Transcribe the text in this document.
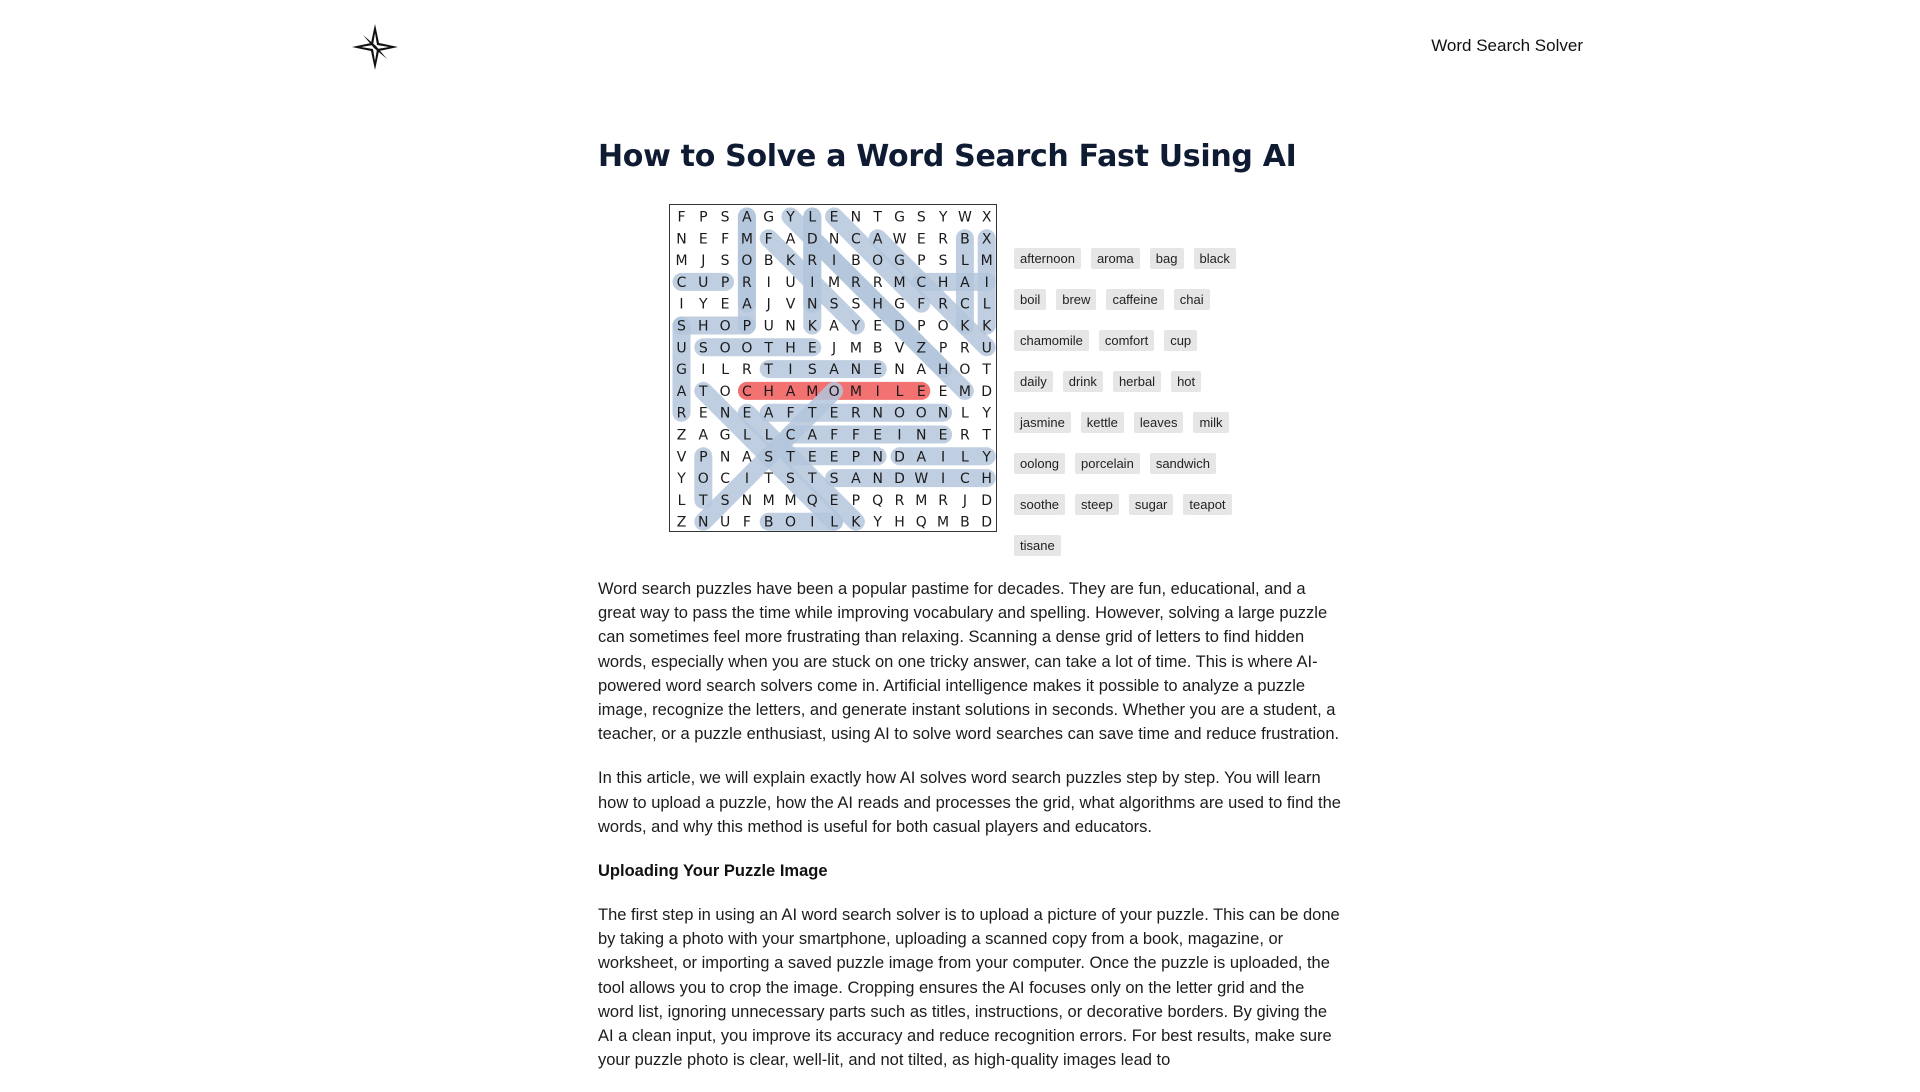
Word Search Solver
How to Solve a Word Search Fast Using AI
F P S A G Y L E N T G S Y W X
N E F M F A D N C A W E R B X
M J S O B K R I B O G P S L M
C U P R I U I M R R M C H A I
I Y E A J V N S S H G F R C L
S H O P U N K A Y E D P O K K
U S O O T H E J M B V Z P R U
G I L R T I S A N E N A H O T
A T O C H A M O M I L E E M D
R E N E A F T E R N O O N L Y
Z A G L L C A F F E I N E R T
V P N A S T E E P N D A I L Y
Y O C I T S T S A N D W I C H
L T S N M M Q E P Q R M R J D
Z N U F B O I L K Y H Q M B D
afternoon	aroma	bag	black
boil	brew	caffeine	chai
chamomile	comfort	cup
daily	drink	herbal	hot
jasmine	kettle	leaves	milk
oolong	porcelain	sandwich
soothe	steep	sugar	teapot
tisane

Word search puzzles have been a popular pastime for decades. They are fun, educational, and a great way to pass the time while improving vocabulary and spelling. However, solving a large puzzle can sometimes feel more frustrating than relaxing. Scanning a dense grid of letters to find hidden words, especially when you are stuck on one tricky answer, can take a lot of time. This is where AI-powered word search solvers come in. Artificial intelligence makes it possible to analyze a puzzle image, recognize the letters, and generate instant solutions in seconds. Whether you are a student, a teacher, or a puzzle enthusiast, using AI to solve word searches can save time and reduce frustration.

In this article, we will explain exactly how AI solves word search puzzles step by step. You will learn how to upload a puzzle, how the AI reads and processes the grid, what algorithms are used to find the words, and why this method is useful for both casual players and educators.

Uploading Your Puzzle Image

The first step in using an AI word search solver is to upload a picture of your puzzle. This can be done by taking a photo with your smartphone, uploading a scanned copy from a book, magazine, or worksheet, or importing a saved puzzle image from your computer. Once the puzzle is uploaded, the tool allows you to crop the image. Cropping ensures the AI focuses only on the letter grid and the word list, ignoring unnecessary parts such as titles, instructions, or decorative borders. By giving the AI a clean input, you improve its accuracy and reduce recognition errors. For best results, make sure your puzzle photo is clear, well-lit, and not tilted, as high-quality images lead to
